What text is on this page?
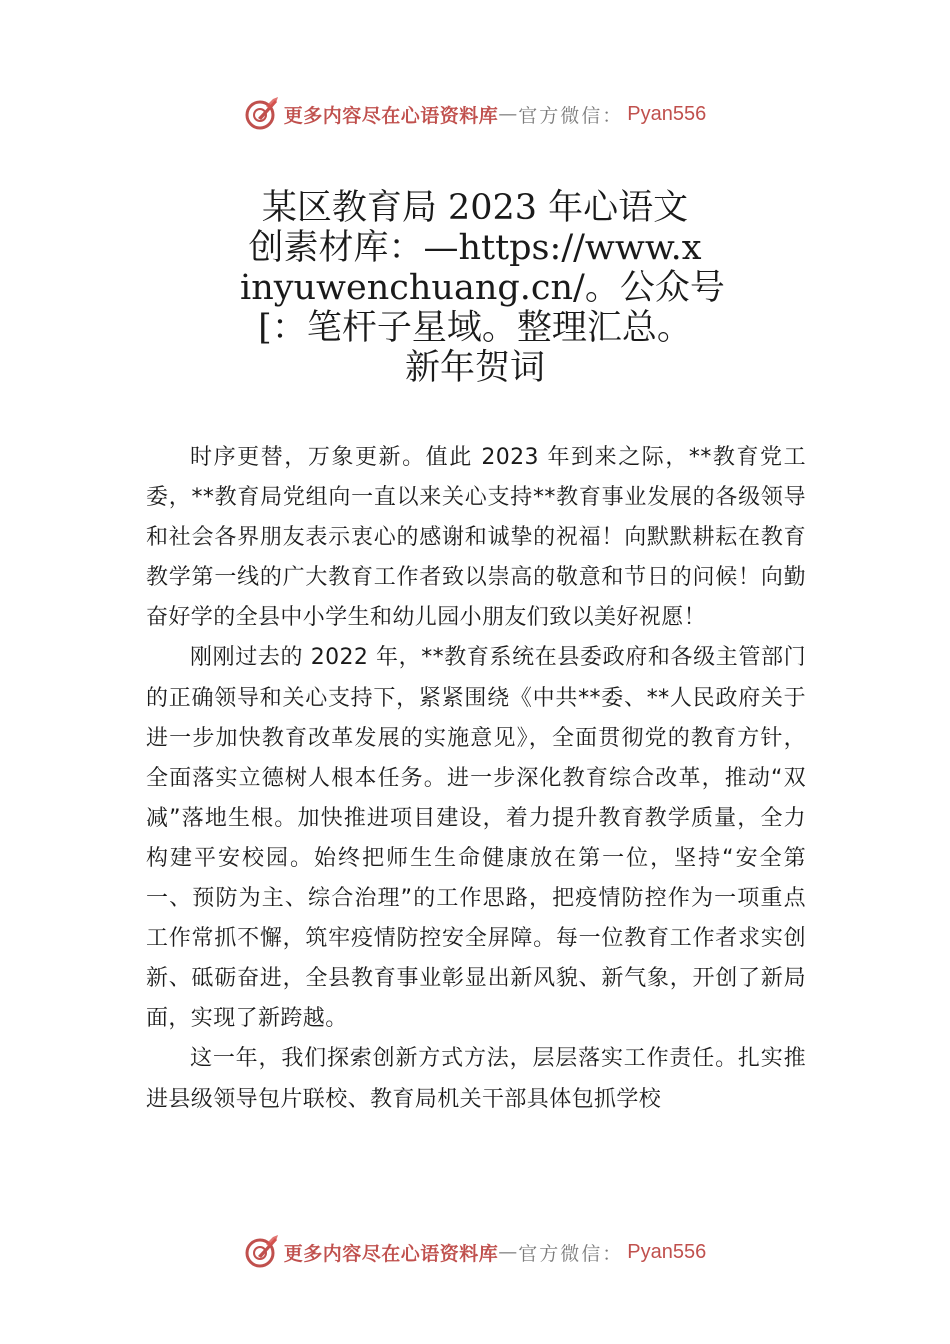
更多内容尽在心语资料库 — 官方微信： Pyan556
某区教育局 2023 年心语文
创素材库：—https://www.x
inyuwenchuang.cn/。公众号
[：笔杆子星域。整理汇总。
新年贺词

时序更替，万象更新。值此 2023 年到来之际，**教育党工委，**教育局党组向一直以来关心支持**教育事业发展的各级领导和社会各界朋友表示衷心的感谢和诚挚的祝福！向默默耕耘在教育教学第一线的广大教育工作者致以崇高的敬意和节日的问候！向勤奋好学的全县中小学生和幼儿园小朋友们致以美好祝愿！

刚刚过去的 2022 年，**教育系统在县委政府和各级主管部门的正确领导和关心支持下，紧紧围绕《中共**委、**人民政府关于进一步加快教育改革发展的实施意见》，全面贯彻党的教育方针，全面落实立德树人根本任务。进一步深化教育综合改革，推动“双减”落地生根。加快推进项目建设，着力提升教育教学质量，全力构建平安校园。始终把师生生命健康放在第一位，坚持“安全第一、预防为主、综合治理”的工作思路，把疫情防控作为一项重点工作常抓不懈，筑牢疫情防控安全屏障。每一位教育工作者求实创新、砥砺奋进，全县教育事业彰显出新风貌、新气象，开创了新局面，实现了新跨越。

这一年，我们探索创新方式方法，层层落实工作责任。扎实推进县级领导包片联校、教育局机关干部具体包抓学校

更多内容尽在心语资料库 — 官方微信： Pyan556
